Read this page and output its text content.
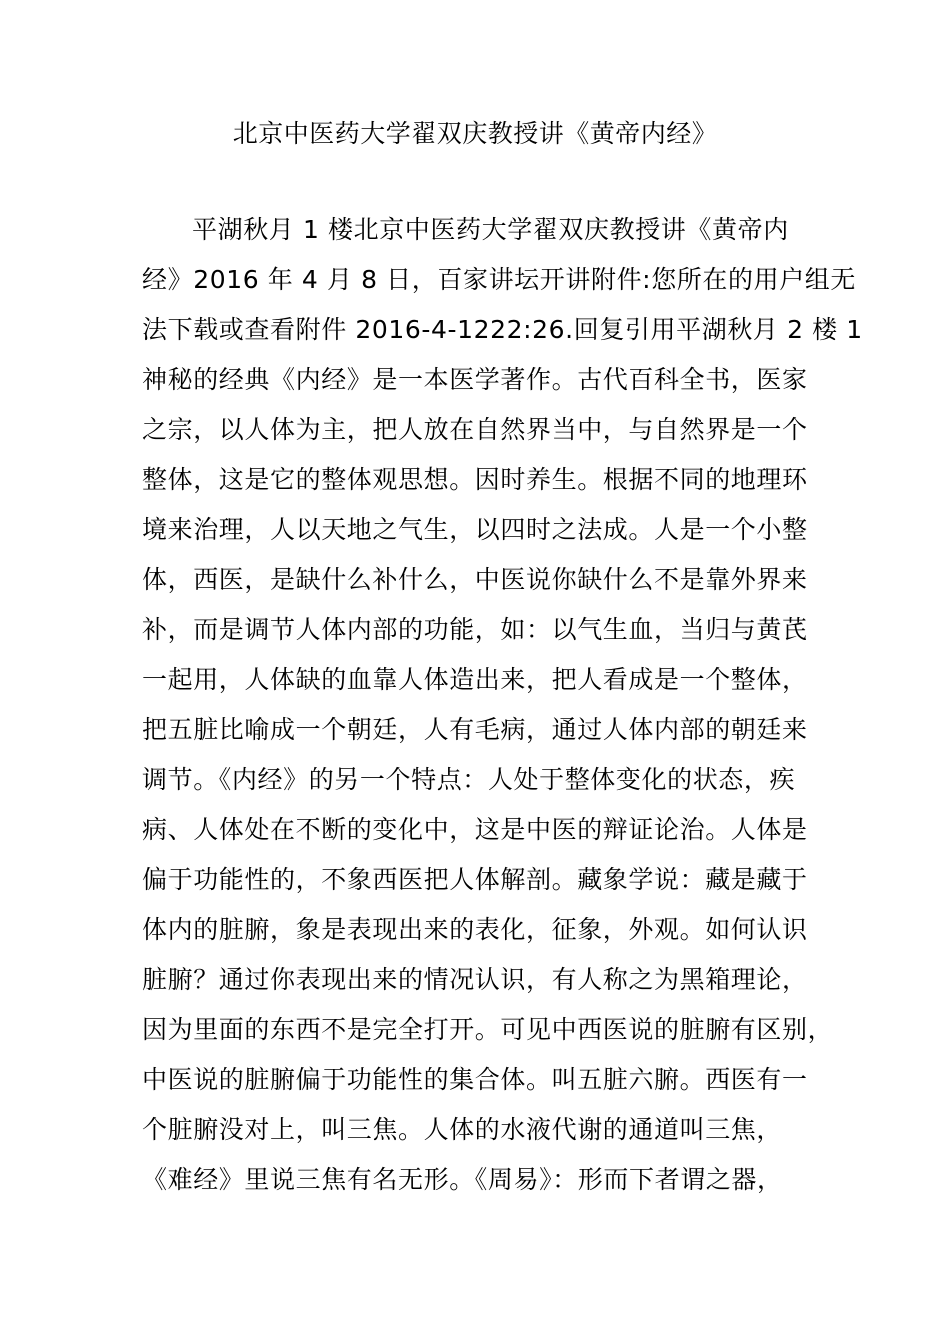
北京中医药大学翟双庆教授讲《黄帝内经》
平湖秋月 1 楼北京中医药大学翟双庆教授讲《黄帝内
经》2016 年 4 月 8 日，百家讲坛开讲附件:您所在的用户组无
法下载或查看附件 2016-4-1222:26.回复引用平湖秋月 2 楼 1
神秘的经典《内经》是一本医学著作。古代百科全书，医家
之宗，以人体为主，把人放在自然界当中，与自然界是一个
整体，这是它的整体观思想。因时养生。根据不同的地理环
境来治理，人以天地之气生，以四时之法成。人是一个小整
体，西医，是缺什么补什么，中医说你缺什么不是靠外界来
补，而是调节人体内部的功能，如：以气生血，当归与黄芪
一起用，人体缺的血靠人体造出来，把人看成是一个整体，
把五脏比喻成一个朝廷，人有毛病，通过人体内部的朝廷来
调节。《内经》的另一个特点：人处于整体变化的状态，疾
病、人体处在不断的变化中，这是中医的辩证论治。人体是
偏于功能性的，不象西医把人体解剖。藏象学说：藏是藏于
体内的脏腑，象是表现出来的表化，征象，外观。如何认识
脏腑？通过你表现出来的情况认识，有人称之为黑箱理论，
因为里面的东西不是完全打开。可见中西医说的脏腑有区别，
中医说的脏腑偏于功能性的集合体。叫五脏六腑。西医有一
个脏腑没对上，叫三焦。人体的水液代谢的通道叫三焦，
《难经》里说三焦有名无形。《周易》：形而下者谓之器，
